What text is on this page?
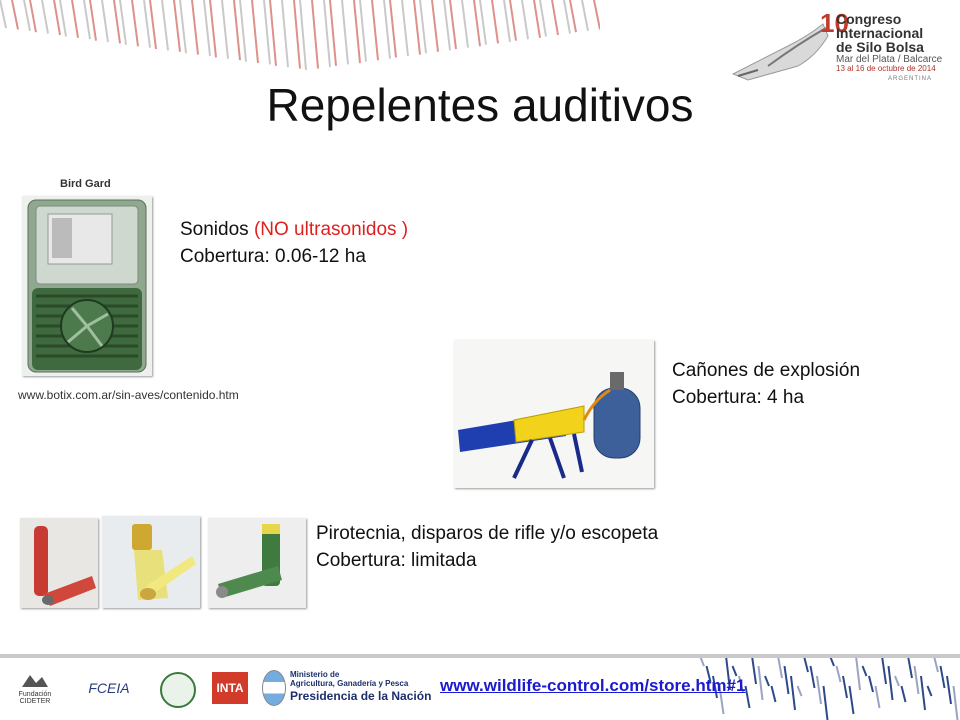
10
Congreso
Internacional
de Silo Bolsa
Mar del Plata / Balcarce
13 al 16 de octubre de 2014
ARGENTINA
Repelentes auditivos
Bird Gard
www.botix.com.ar/sin-aves/contenido.htm
Sonidos (NO ultrasonidos )
Cobertura: 0.06-12 ha
Cañones de explosión
Cobertura: 4 ha
Pirotecnia, disparos de rifle y/o escopeta
Cobertura: limitada
Fundación CIDETER
FCEIA	INTA
Ministerio de
Agricultura, Ganadería y Pesca
Presidencia de la Nación
www.wildlife-control.com/store.htm#1
